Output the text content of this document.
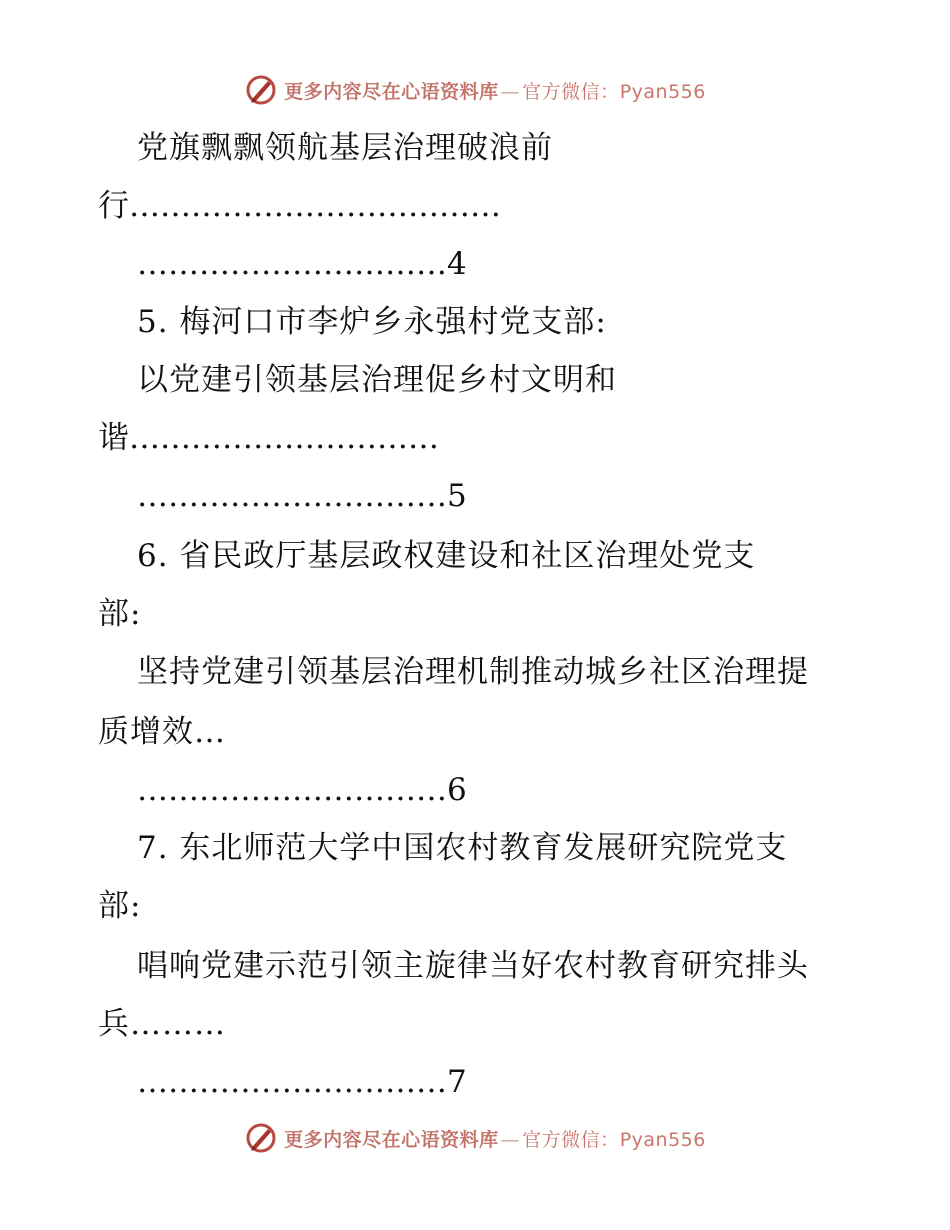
更多内容尽在心语资料库 — 官方微信：Pyan556
党旗飘飘领航基层治理破浪前
行………………………………
…………………………4
5. 梅河口市李炉乡永强村党支部:
以党建引领基层治理促乡村文明和
谐…………………………
…………………………5
6. 省民政厅基层政权建设和社区治理处党支
部:
坚持党建引领基层治理机制推动城乡社区治理提
质增效…
…………………………6
7. 东北师范大学中国农村教育发展研究院党支
部:
唱响党建示范引领主旋律当好农村教育研究排头
兵………
…………………………7
更多内容尽在心语资料库 — 官方微信：Pyan556
